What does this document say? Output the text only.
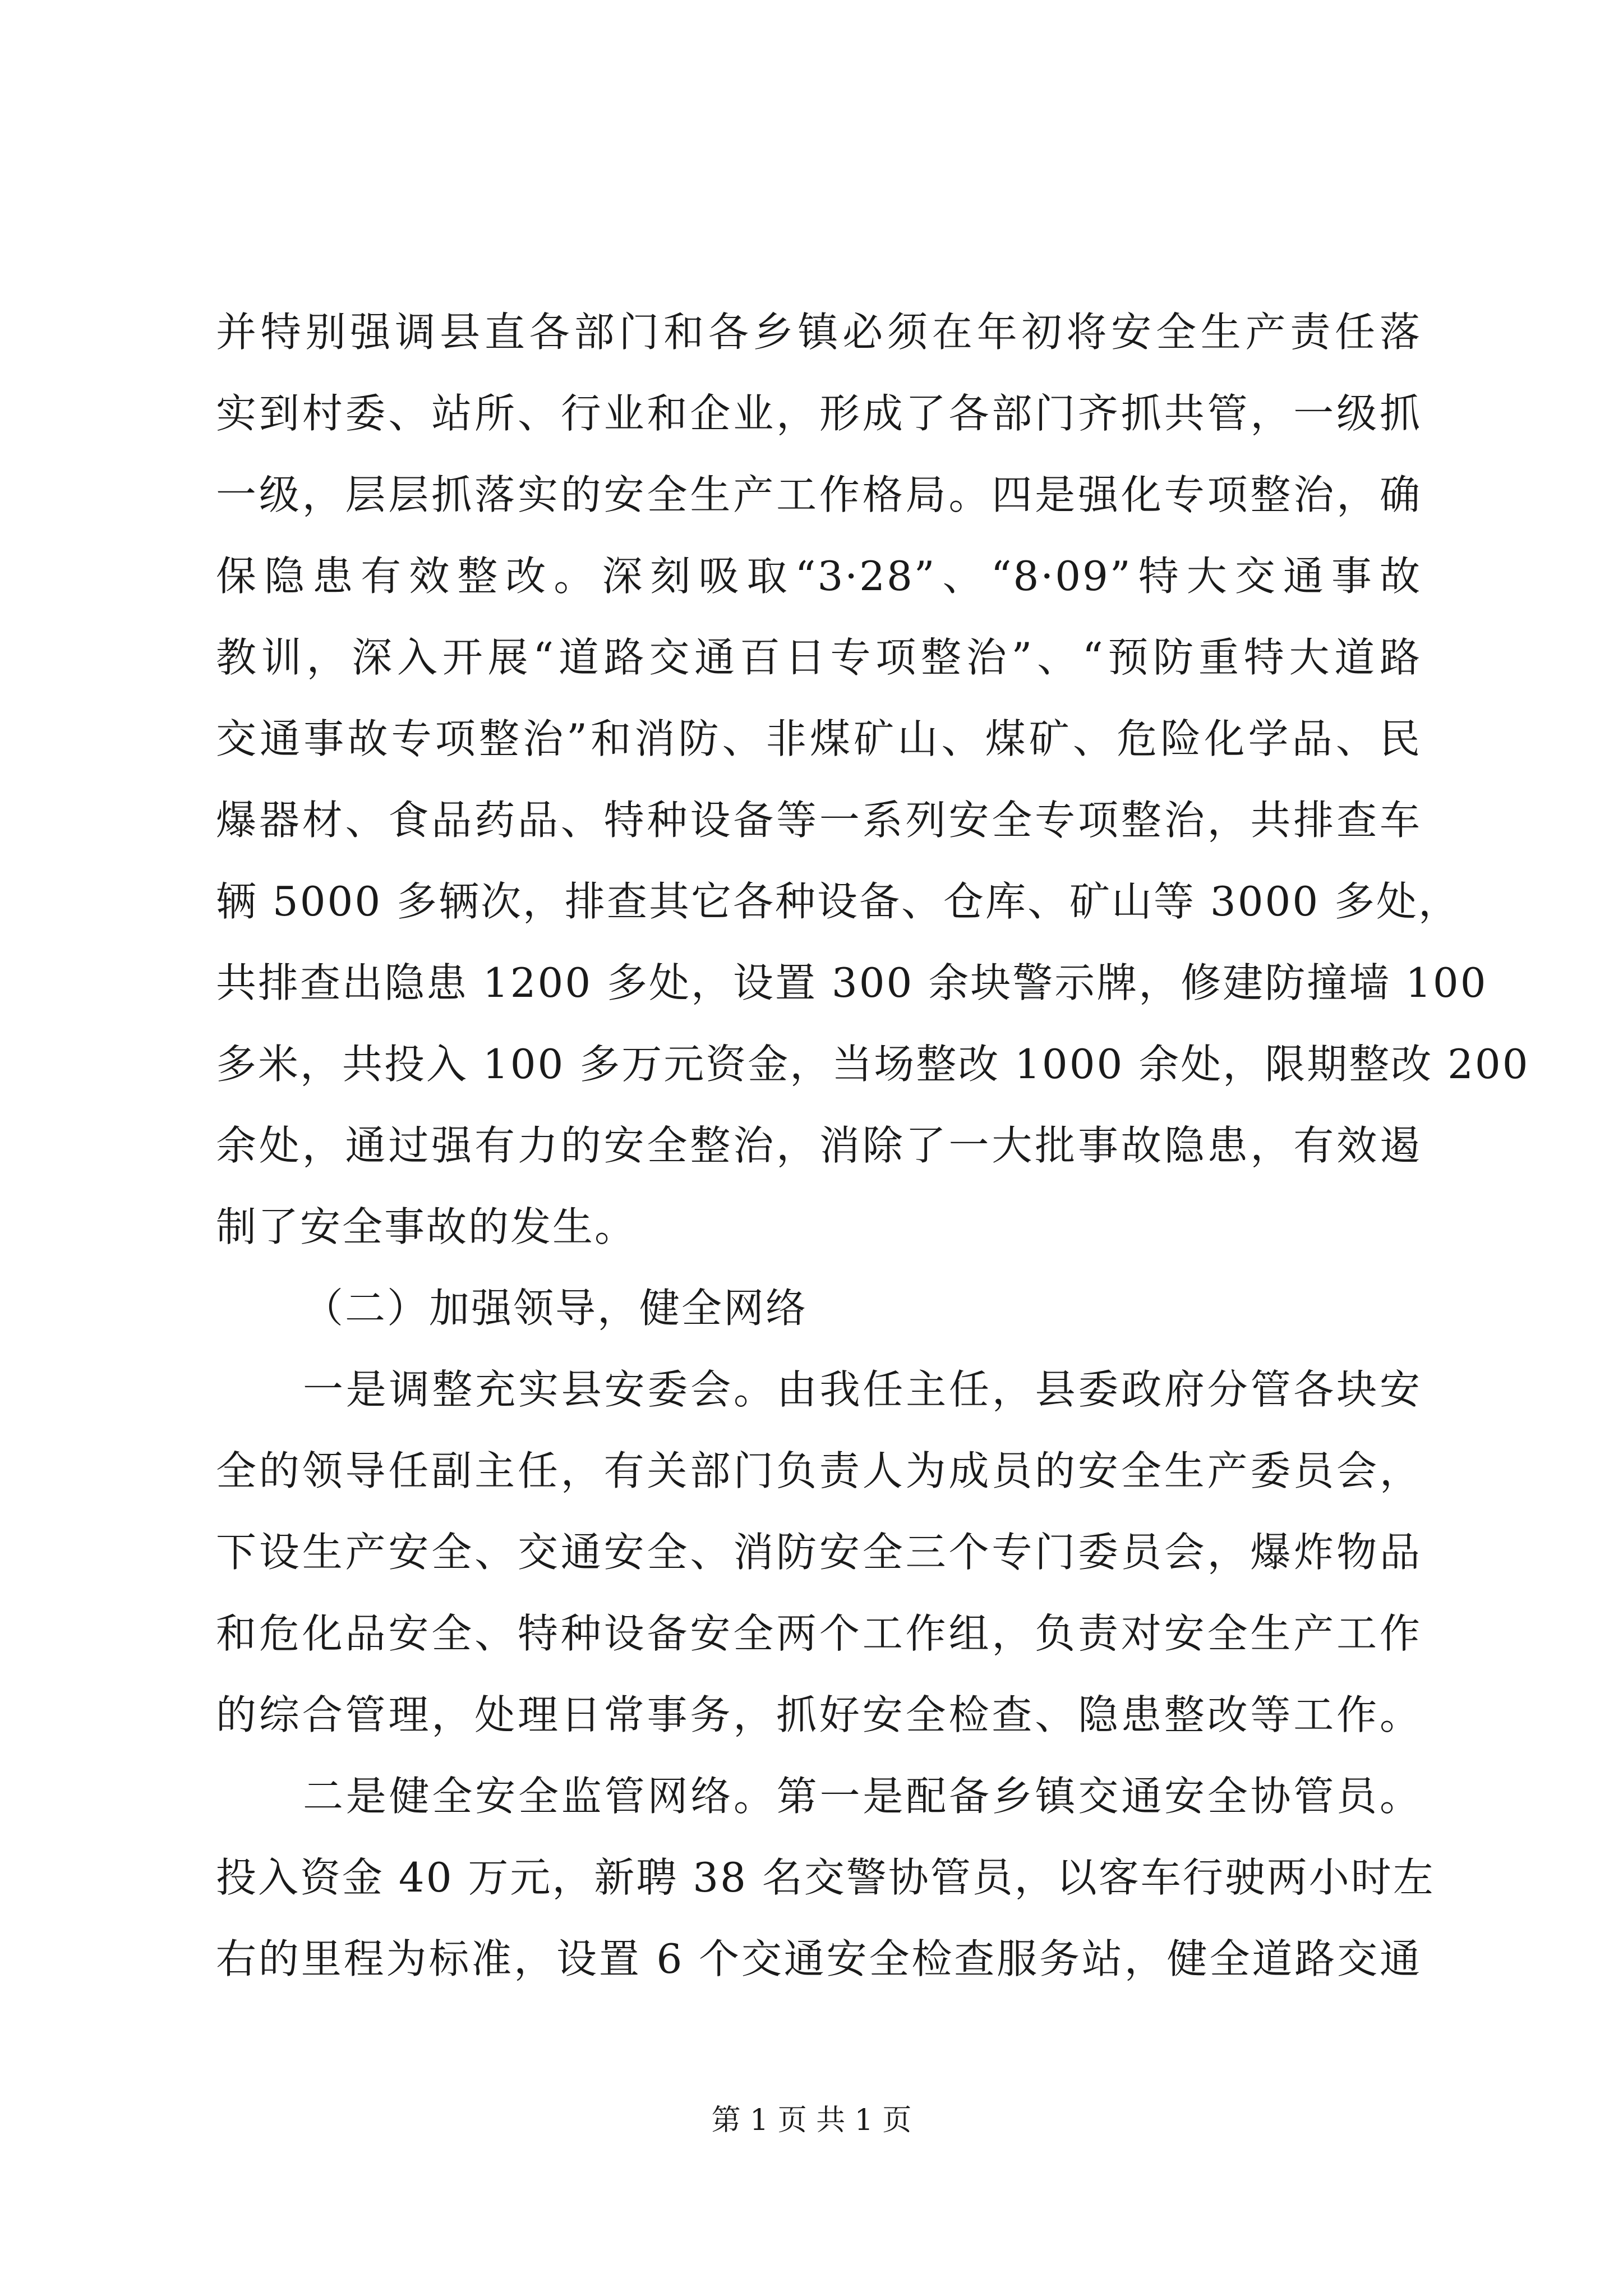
并特别强调县直各部门和各乡镇必须在年初将安全生产责任落
实到村委、站所、行业和企业，形成了各部门齐抓共管，一级抓
一级，层层抓落实的安全生产工作格局。四是强化专项整治，确
保隐患有效整改。深刻吸取“3·28”、“8·09”特大交通事故
教训，深入开展“道路交通百日专项整治”、“预防重特大道路
交通事故专项整治”和消防、非煤矿山、煤矿、危险化学品、民
爆器材、食品药品、特种设备等一系列安全专项整治，共排查车
辆 5000 多辆次，排查其它各种设备、仓库、矿山等 3000 多处，
共排查出隐患 1200 多处，设置 300 余块警示牌，修建防撞墙 100
多米，共投入 100 多万元资金，当场整改 1000 余处，限期整改 200
余处，通过强有力的安全整治，消除了一大批事故隐患，有效遏
制了安全事故的发生。
（二）加强领导，健全网络
一是调整充实县安委会。由我任主任，县委政府分管各块安
全的领导任副主任，有关部门负责人为成员的安全生产委员会，
下设生产安全、交通安全、消防安全三个专门委员会，爆炸物品
和危化品安全、特种设备安全两个工作组，负责对安全生产工作
的综合管理，处理日常事务，抓好安全检查、隐患整改等工作。
二是健全安全监管网络。第一是配备乡镇交通安全协管员。
投入资金 40 万元，新聘 38 名交警协管员，以客车行驶两小时左
右的里程为标准，设置 6 个交通安全检查服务站，健全道路交通
第 1 页 共 1 页
